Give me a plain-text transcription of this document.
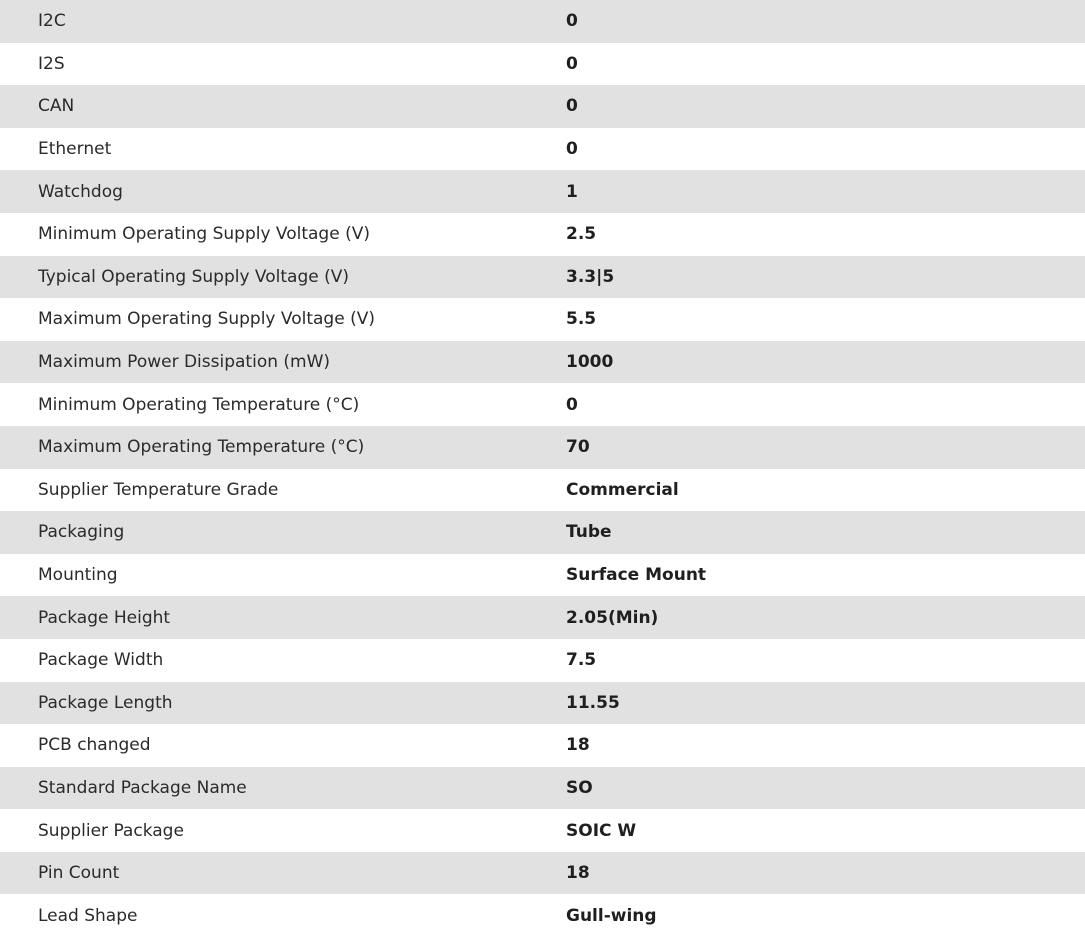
I2C	0
I2S	0
CAN	0
Ethernet	0
Watchdog	1
Minimum Operating Supply Voltage (V)	2.5
Typical Operating Supply Voltage (V)	3.3|5
Maximum Operating Supply Voltage (V)	5.5
Maximum Power Dissipation (mW)	1000
Minimum Operating Temperature (°C)	0
Maximum Operating Temperature (°C)	70
Supplier Temperature Grade	Commercial
Packaging	Tube
Mounting	Surface Mount
Package Height	2.05(Min)
Package Width	7.5
Package Length	11.55
PCB changed	18
Standard Package Name	SO
Supplier Package	SOIC W
Pin Count	18
Lead Shape	Gull-wing
